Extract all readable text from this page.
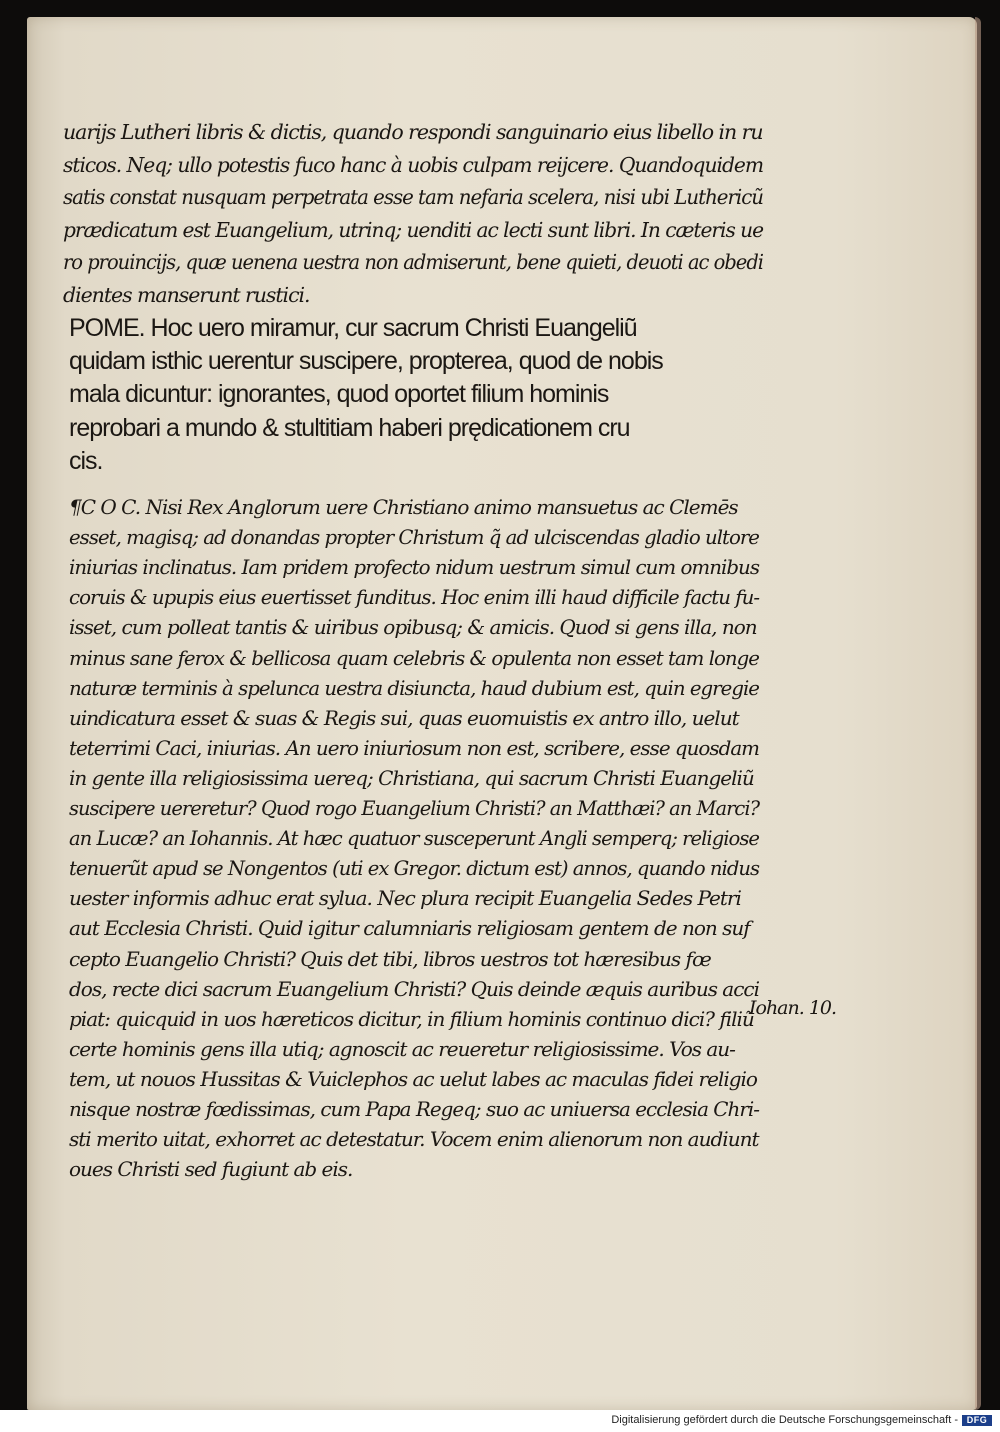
uarijs Lutheri libris & dictis, quando respondi sanguinario eius libello in ru
sticos. Neq; ullo potestis fuco hanc à uobis culpam reijcere. Quandoquidem
satis constat nusquam perpetrata esse tam nefaria scelera, nisi ubi Luthericũ
prædicatum est Euangelium, utrinq; uenditi ac lecti sunt libri. In cæteris ue
ro prouincijs, quæ uenena uestra non admiserunt, bene quieti, deuoti ac obedi
dientes manserunt rustici.
POME. Hoc uero miramur, cur sacrum Christi Euangeliũ
quidam isthic uerentur suscipere, propterea, quod de nobis
mala dicuntur: ignorantes, quod oportet filium hominis
reprobari a mundo & stultitiam haberi prędicationem cru
cis.
¶C O C. Nisi Rex Anglorum uere Christiano animo mansuetus ac Clemēs
esset, magisq; ad donandas propter Christum q̃ ad ulciscendas gladio ultore
iniurias inclinatus. Iam pridem profecto nidum uestrum simul cum omnibus
coruis & upupis eius euertisset funditus. Hoc enim illi haud difficile factu fu-
isset, cum polleat tantis & uiribus opibusq; & amicis. Quod si gens illa, non
minus sane ferox & bellicosa quam celebris & opulenta non esset tam longe
naturæ terminis à spelunca uestra disiuncta, haud dubium est, quin egregie
uindicatura esset & suas & Regis sui, quas euomuistis ex antro illo, uelut
teterrimi Caci, iniurias. An uero iniuriosum non est, scribere, esse quosdam
in gente illa religiosissima uereq; Christiana, qui sacrum Christi Euangeliũ
suscipere uereretur? Quod rogo Euangelium Christi? an Matthæi? an Marci?
an Lucæ? an Iohannis. At hæc quatuor susceperunt Angli semperq; religiose
tenuerũt apud se Nongentos (uti ex Gregor. dictum est) annos, quando nidus
uester informis adhuc erat sylua. Nec plura recipit Euangelia Sedes Petri
aut Ecclesia Christi. Quid igitur calumniaris religiosam gentem de non suf
cepto Euangelio Christi? Quis det tibi, libros uestros tot hæresibus fœ
dos, recte dici sacrum Euangelium Christi? Quis deinde æquis auribus acci
piat: quicquid in uos hæreticos dicitur, in filium hominis continuo dici? filiũ
certe hominis gens illa utiq; agnoscit ac reueretur religiosissime. Vos au-
tem, ut nouos Hussitas & Vuiclephos ac uelut labes ac maculas fidei religio
nisque nostræ fœdissimas, cum Papa Regeq; suo ac uniuersa ecclesia Chri-
sti merito uitat, exhorret ac detestatur. Vocem enim alienorum non audiunt
oues Christi sed fugiunt ab eis.
Iohan. 10.
Digitalisierung gefördert durch die Deutsche Forschungsgemeinschaft - DFG
